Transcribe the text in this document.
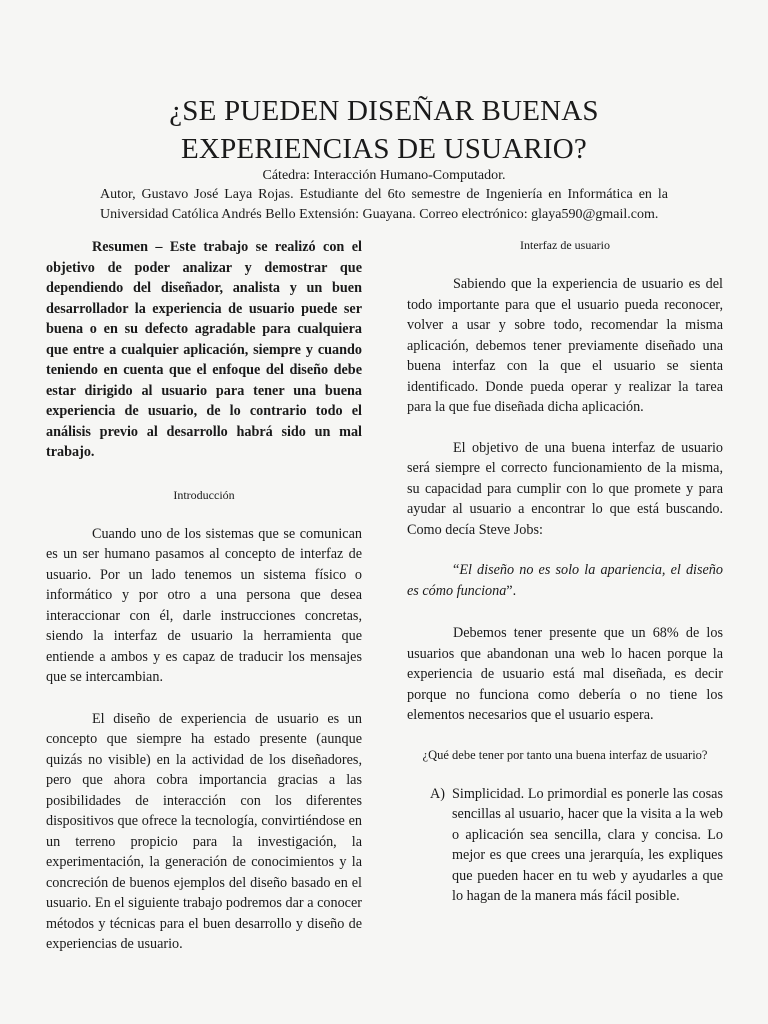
¿SE PUEDEN DISEÑAR BUENAS
EXPERIENCIAS DE USUARIO?
Cátedra: Interacción Humano-Computador.
Autor, Gustavo José Laya Rojas. Estudiante del 6to semestre de Ingeniería en Informática en la
Universidad Católica Andrés Bello Extensión: Guayana. Correo electrónico: glaya590@gmail.com.

Resumen – Este trabajo se realizó con el objetivo de poder analizar y demostrar que dependiendo del diseñador, analista y un buen desarrollador la experiencia de usuario puede ser buena o en su defecto agradable para cualquiera que entre a cualquier aplicación, siempre y cuando teniendo en cuenta que el enfoque del diseño debe estar dirigido al usuario para tener una buena experiencia de usuario, de lo contrario todo el análisis previo al desarrollo habrá sido un mal trabajo.

Introducción

Cuando uno de los sistemas que se comunican es un ser humano pasamos al concepto de interfaz de usuario. Por un lado tenemos un sistema físico o informático y por otro a una persona que desea interaccionar con él, darle instrucciones concretas, siendo la interfaz de usuario la herramienta que entiende a ambos y es capaz de traducir los mensajes que se intercambian.

El diseño de experiencia de usuario es un concepto que siempre ha estado presente (aunque quizás no visible) en la actividad de los diseñadores, pero que ahora cobra importancia gracias a las posibilidades de interacción con los diferentes dispositivos que ofrece la tecnología, convirtiéndose en un terreno propicio para la investigación, la experimentación, la generación de conocimientos y la concreción de buenos ejemplos del diseño basado en el usuario. En el siguiente trabajo podremos dar a conocer métodos y técnicas para el buen desarrollo y diseño de experiencias de usuario.

Interfaz de usuario

Sabiendo que la experiencia de usuario es del todo importante para que el usuario pueda reconocer, volver a usar y sobre todo, recomendar la misma aplicación, debemos tener previamente diseñado una buena interfaz con la que el usuario se sienta identificado. Donde pueda operar y realizar la tarea para la que fue diseñada dicha aplicación.

El objetivo de una buena interfaz de usuario será siempre el correcto funcionamiento de la misma, su capacidad para cumplir con lo que promete y para ayudar al usuario a encontrar lo que está buscando. Como decía Steve Jobs:

“El diseño no es solo la apariencia, el diseño es cómo funciona”.

Debemos tener presente que un 68% de los usuarios que abandonan una web lo hacen porque la experiencia de usuario está mal diseñada, es decir porque no funciona como debería o no tiene los elementos necesarios que el usuario espera.

¿Qué debe tener por tanto una buena interfaz de usuario?

A) Simplicidad. Lo primordial es ponerle las cosas sencillas al usuario, hacer que la visita a la web o aplicación sea sencilla, clara y concisa. Lo mejor es que crees una jerarquía, les expliques que pueden hacer en tu web y ayudarles a que lo hagan de la manera más fácil posible.
